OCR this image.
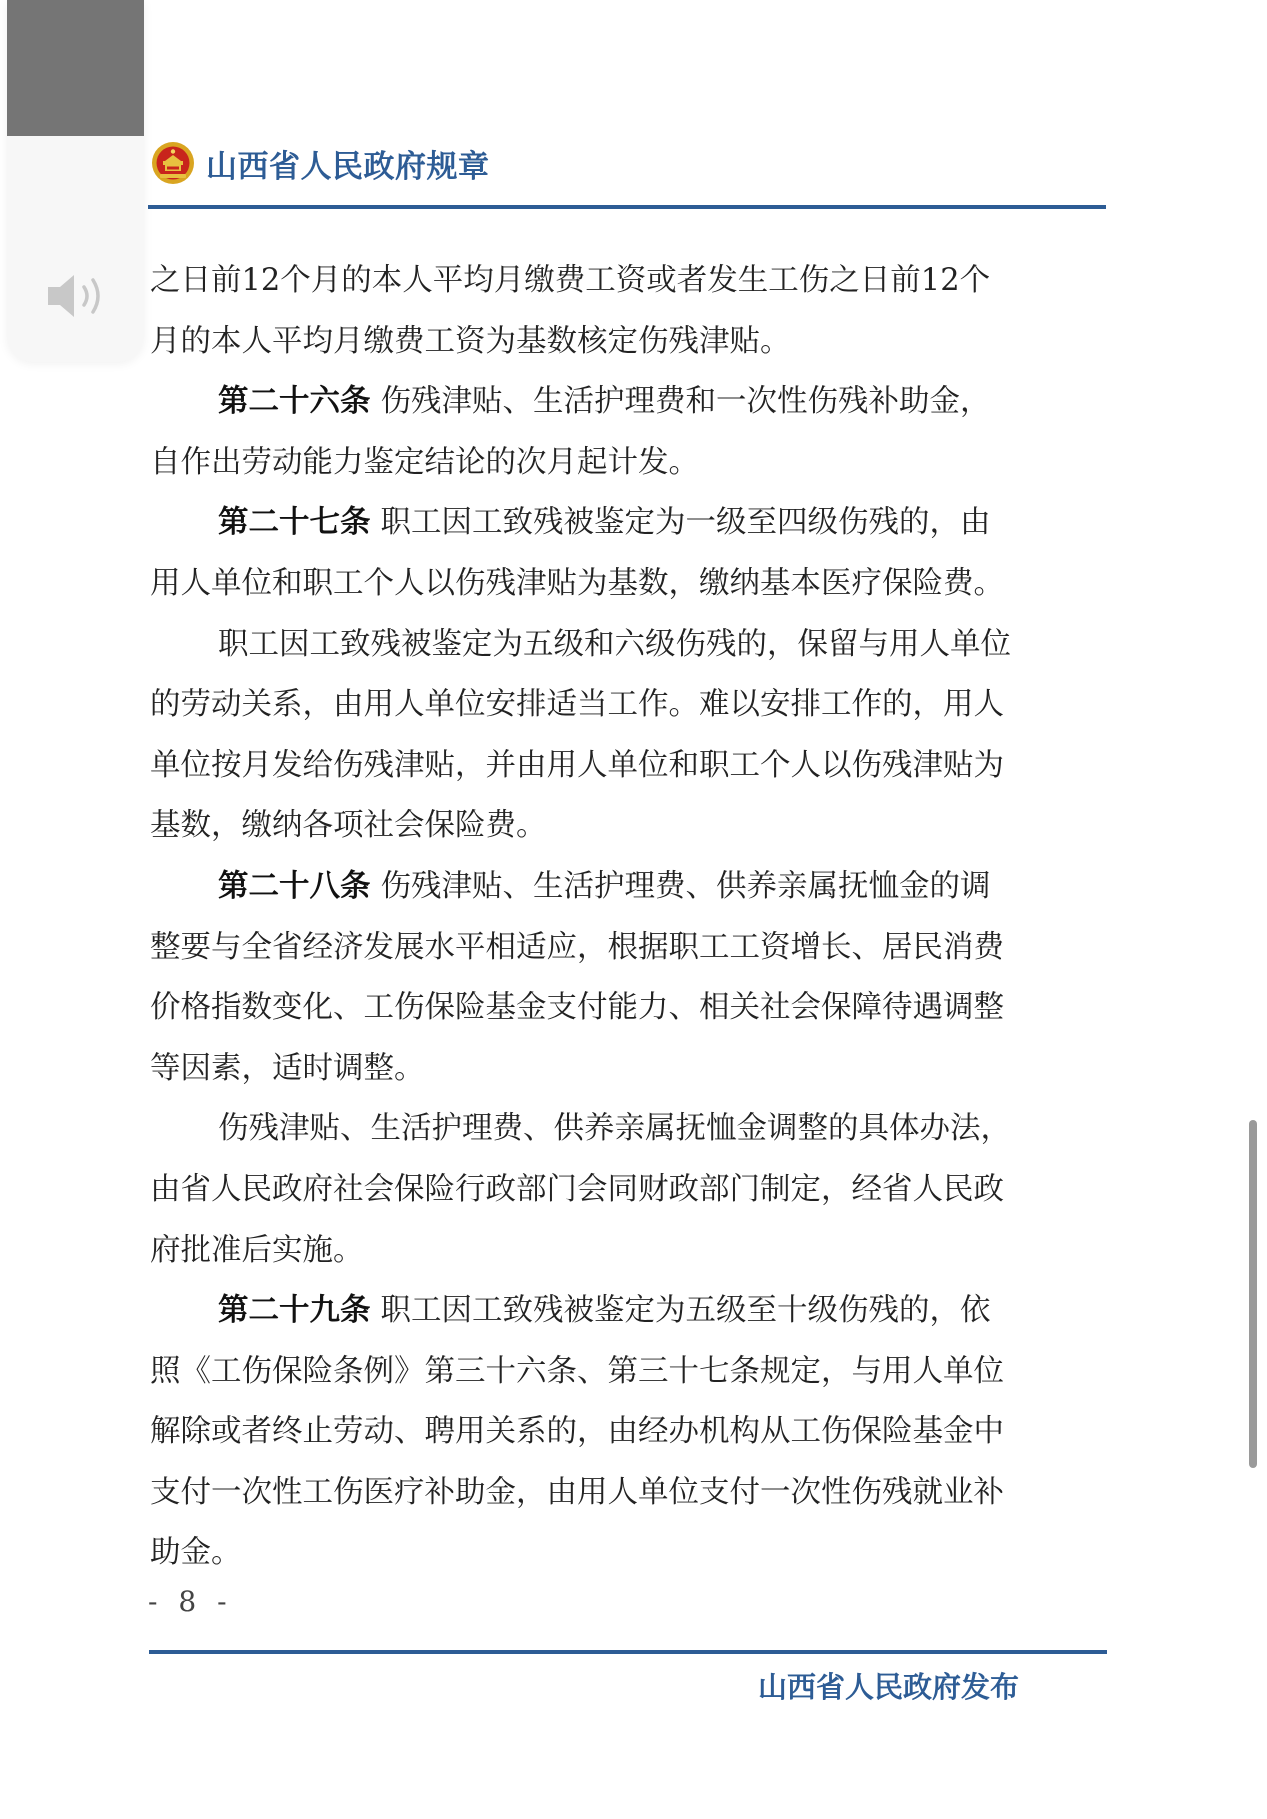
山西省人民政府规章
之日前12个月的本人平均月缴费工资或者发生工伤之日前12个
月的本人平均月缴费工资为基数核定伤残津贴。
第二十六条 伤残津贴、生活护理费和一次性伤残补助金，
自作出劳动能力鉴定结论的次月起计发。
第二十七条 职工因工致残被鉴定为一级至四级伤残的，由
用人单位和职工个人以伤残津贴为基数，缴纳基本医疗保险费。
职工因工致残被鉴定为五级和六级伤残的，保留与用人单位
的劳动关系，由用人单位安排适当工作。难以安排工作的，用人
单位按月发给伤残津贴，并由用人单位和职工个人以伤残津贴为
基数，缴纳各项社会保险费。
第二十八条 伤残津贴、生活护理费、供养亲属抚恤金的调
整要与全省经济发展水平相适应，根据职工工资增长、居民消费
价格指数变化、工伤保险基金支付能力、相关社会保障待遇调整
等因素，适时调整。
伤残津贴、生活护理费、供养亲属抚恤金调整的具体办法，
由省人民政府社会保险行政部门会同财政部门制定，经省人民政
府批准后实施。
第二十九条 职工因工致残被鉴定为五级至十级伤残的，依
照《工伤保险条例》第三十六条、第三十七条规定，与用人单位
解除或者终止劳动、聘用关系的，由经办机构从工伤保险基金中
支付一次性工伤医疗补助金，由用人单位支付一次性伤残就业补
助金。
- 8 -
山西省人民政府发布
